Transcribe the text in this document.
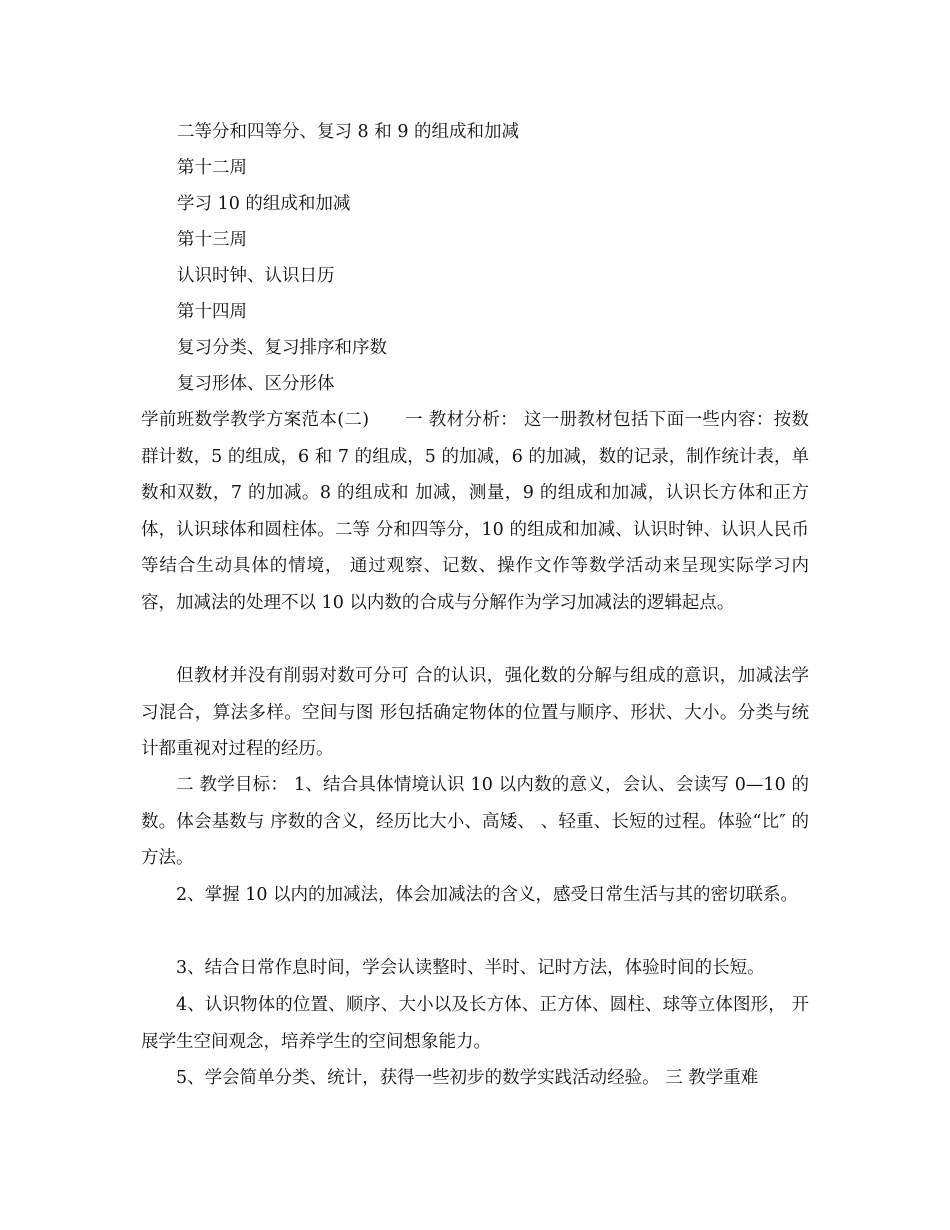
二等分和四等分、复习 8 和 9 的组成和加减
第十二周
学习 10 的组成和加减
第十三周
认识时钟、认识日历
第十四周
复习分类、复习排序和序数
复习形体、区分形体
学前班数学教学方案范本(二)　　一 教材分析： 这一册教材包括下面一些内容：按数群计数，5 的组成，6 和 7 的组成，5 的加减，6 的加减，数的记录，制作统计表，单数和双数，7 的加减。8 的组成和 加减，测量，9 的组成和加减，认识长方体和正方体，认识球体和圆柱体。二等 分和四等分，10 的组成和加减、认识时钟、认识人民币等结合生动具体的情境， 通过观察、记数、操作文作等数学活动来呈现实际学习内容，加减法的处理不以 10 以内数的合成与分解作为学习加减法的逻辑起点。
但教材并没有削弱对数可分可 合的认识，强化数的分解与组成的意识，加减法学习混合，算法多样。空间与图 形包括确定物体的位置与顺序、形状、大小。分类与统计都重视对过程的经历。
二 教学目标： 1、结合具体情境认识 10 以内数的意义，会认、会读写 0—10 的数。体会基数与 序数的含义，经历比大小、高矮、 、轻重、长短的过程。体验“比″ 的方法。
2、掌握 10 以内的加减法，体会加减法的含义，感受日常生活与其的密切联系。
3、结合日常作息时间，学会认读整时、半时、记时方法，体验时间的长短。
4、认识物体的位置、顺序、大小以及长方体、正方体、圆柱、球等立体图形， 开展学生空间观念，培养学生的空间想象能力。
5、学会简单分类、统计，获得一些初步的数学实践活动经验。 三 教学重难
